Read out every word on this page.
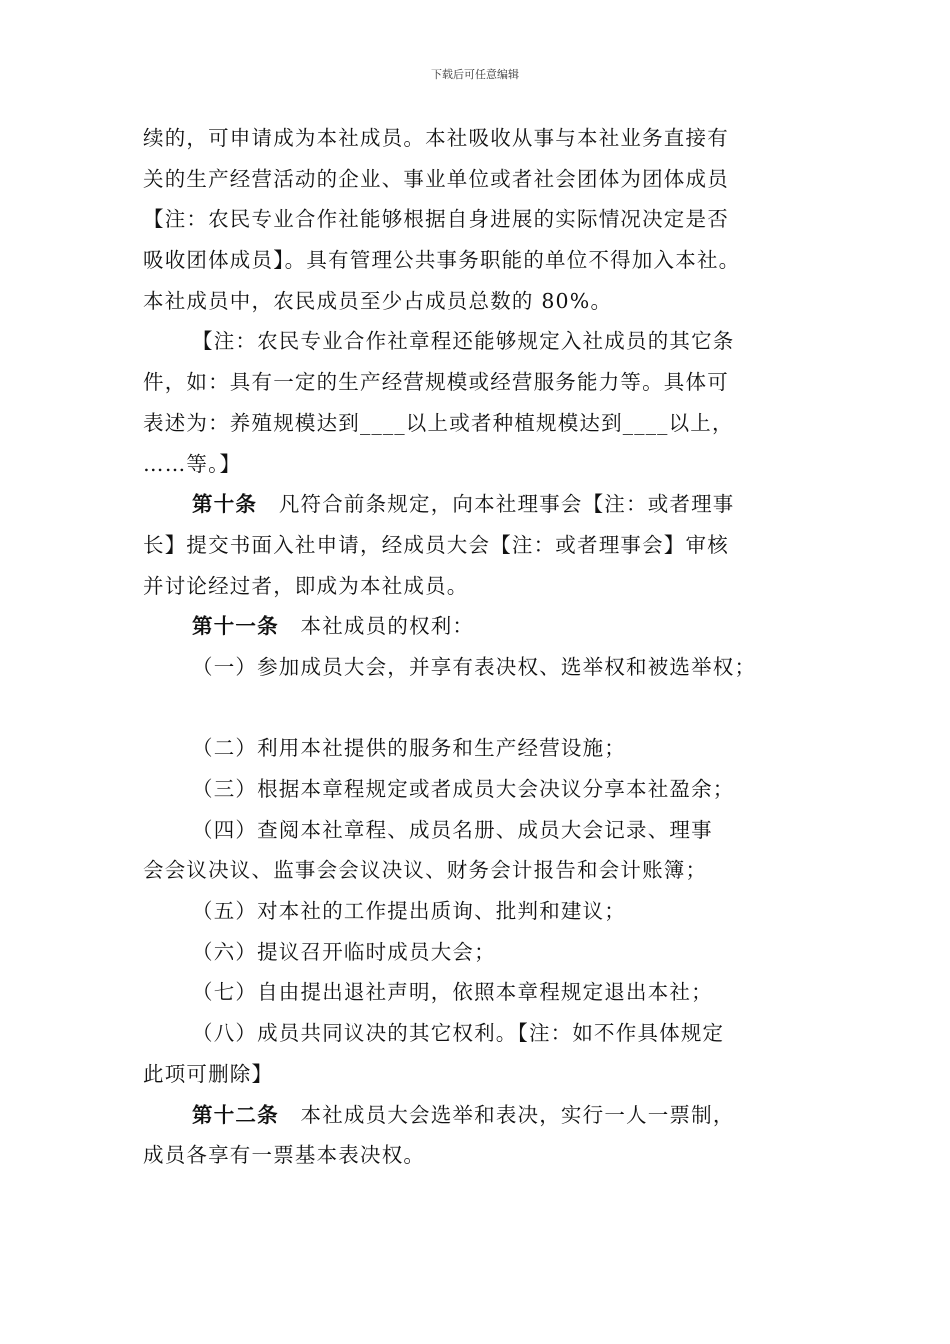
下载后可任意编辑
续的，可申请成为本社成员。本社吸收从事与本社业务直接有
关的生产经营活动的企业、事业单位或者社会团体为团体成员
【注：农民专业合作社能够根据自身进展的实际情况决定是否
吸收团体成员】。具有管理公共事务职能的单位不得加入本社。
本社成员中，农民成员至少占成员总数的 80%。
【注：农民专业合作社章程还能够规定入社成员的其它条
件，如：具有一定的生产经营规模或经营服务能力等。具体可
表述为：养殖规模达到____以上或者种植规模达到____以上，
……等。】
第十条  凡符合前条规定，向本社理事会【注：或者理事
长】提交书面入社申请，经成员大会【注：或者理事会】审核
并讨论经过者，即成为本社成员。
第十一条  本社成员的权利：
（一）参加成员大会，并享有表决权、选举权和被选举权；
（二）利用本社提供的服务和生产经营设施；
（三）根据本章程规定或者成员大会决议分享本社盈余；
（四）查阅本社章程、成员名册、成员大会记录、理事
会会议决议、监事会会议决议、财务会计报告和会计账簿；
（五）对本社的工作提出质询、批判和建议；
（六）提议召开临时成员大会；
（七）自由提出退社声明，依照本章程规定退出本社；
（八）成员共同议决的其它权利。【注：如不作具体规定
此项可删除】
第十二条  本社成员大会选举和表决，实行一人一票制，
成员各享有一票基本表决权。
